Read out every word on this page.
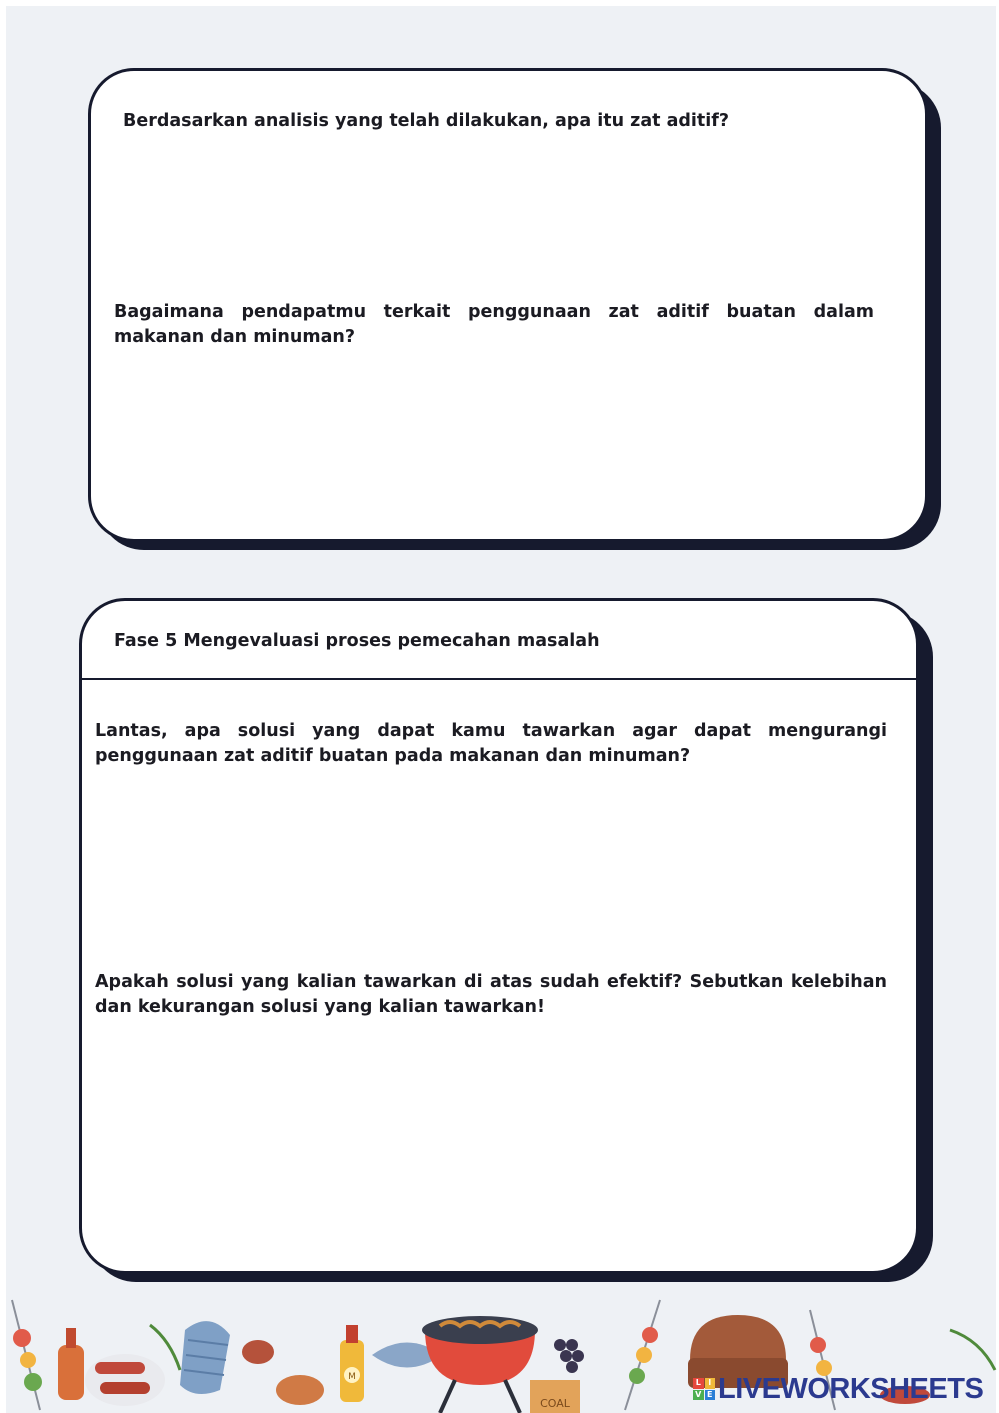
Berdasarkan analisis yang telah dilakukan, apa itu zat aditif?

Bagaimana pendapatmu terkait penggunaan zat aditif buatan dalam makanan dan minuman?

Fase 5 Mengevaluasi proses pemecahan masalah

Lantas, apa solusi yang dapat kamu tawarkan agar dapat mengurangi penggunaan zat aditif buatan pada makanan dan minuman?

Apakah solusi yang kalian tawarkan di atas sudah efektif? Sebutkan kelebihan dan kekurangan solusi yang kalian tawarkan!

M
COAL
L I
V E LIVEWORKSHEETS
